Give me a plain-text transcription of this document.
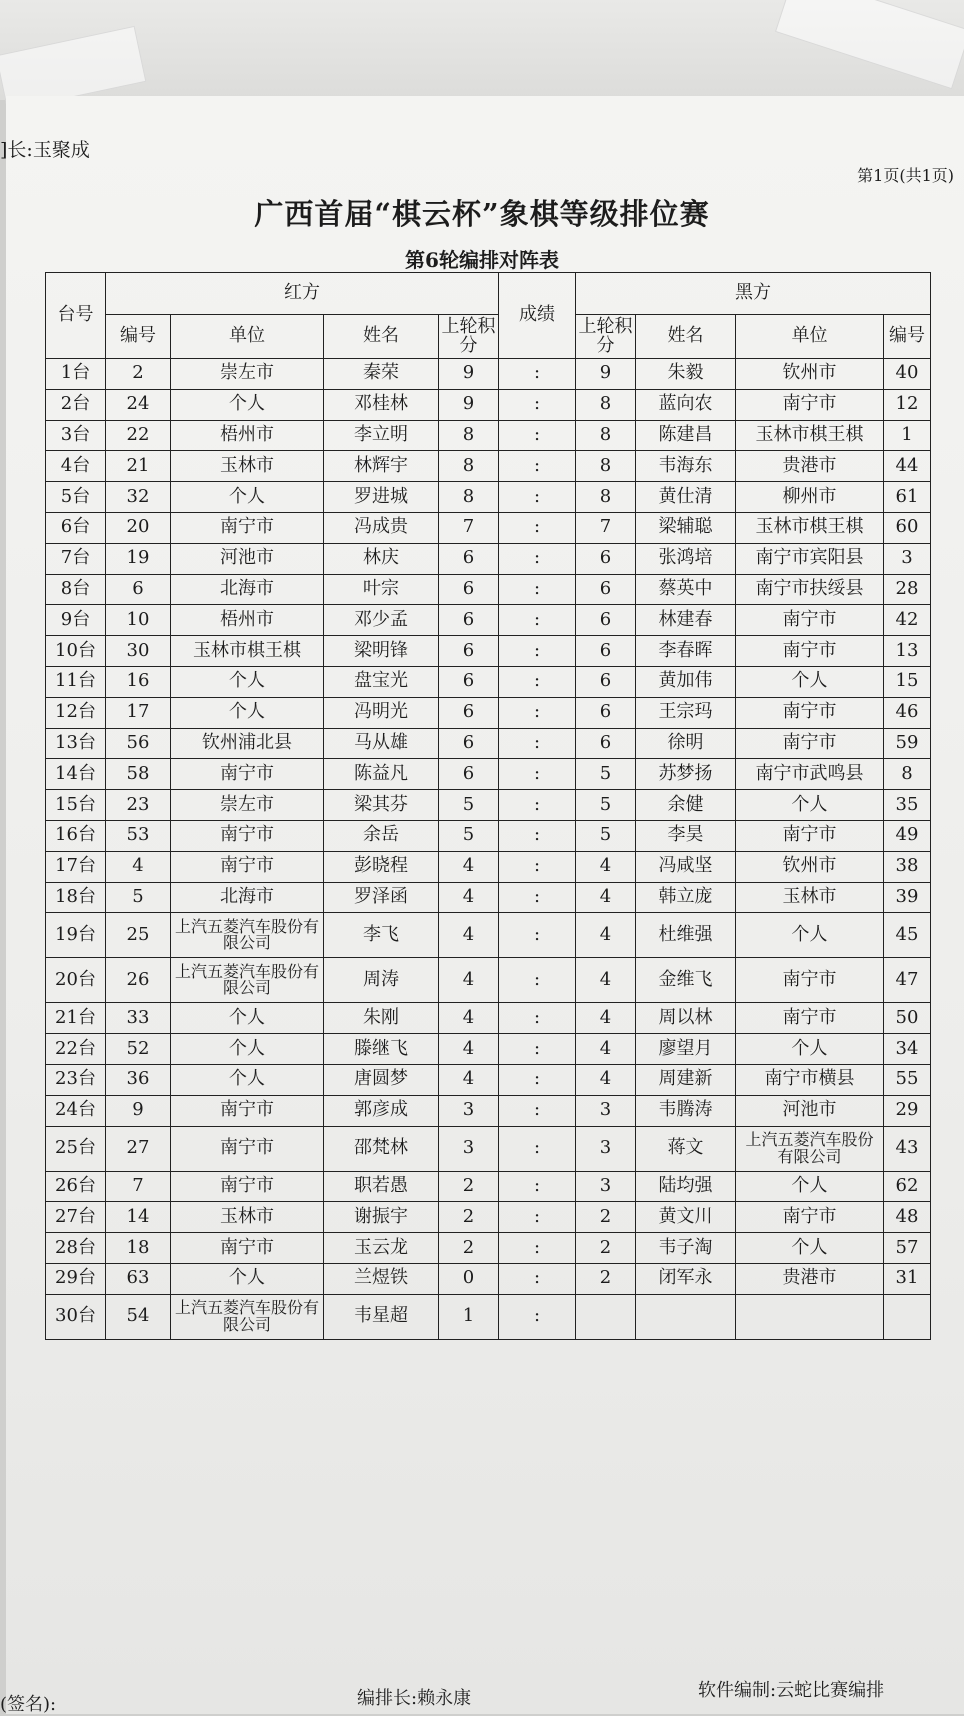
]长:玉聚成
第1页(共1页)
广西首届“棋云杯”象棋等级排位赛
第6轮编排对阵表
台号	红方				成绩	黑方			
	编号	单位	姓名	上轮积分		上轮积分	姓名	单位	编号
1台	2	崇左市	秦荣	9	:	9	朱毅	钦州市	40
2台	24	个人	邓桂林	9	:	8	蓝向农	南宁市	12
3台	22	梧州市	李立明	8	:	8	陈建昌	玉林市棋王棋	1
4台	21	玉林市	林辉宇	8	:	8	韦海东	贵港市	44
5台	32	个人	罗进城	8	:	8	黄仕清	柳州市	61
6台	20	南宁市	冯成贵	7	:	7	梁辅聪	玉林市棋王棋	60
7台	19	河池市	林庆	6	:	6	张鸿培	南宁市宾阳县	3
8台	6	北海市	叶宗	6	:	6	蔡英中	南宁市扶绥县	28
9台	10	梧州市	邓少孟	6	:	6	林建春	南宁市	42
10台	30	玉林市棋王棋	梁明锋	6	:	6	李春晖	南宁市	13
11台	16	个人	盘宝光	6	:	6	黄加伟	个人	15
12台	17	个人	冯明光	6	:	6	王宗玛	南宁市	46
13台	56	钦州浦北县	马从雄	6	:	6	徐明	南宁市	59
14台	58	南宁市	陈益凡	6	:	5	苏梦扬	南宁市武鸣县	8
15台	23	崇左市	梁其芬	5	:	5	余健	个人	35
16台	53	南宁市	余岳	5	:	5	李昊	南宁市	49
17台	4	南宁市	彭晓程	4	:	4	冯咸坚	钦州市	38
18台	5	北海市	罗泽函	4	:	4	韩立庞	玉林市	39
19台	25	上汽五菱汽车股份有限公司	李飞	4	:	4	杜维强	个人	45
20台	26	上汽五菱汽车股份有限公司	周涛	4	:	4	金维飞	南宁市	47
21台	33	个人	朱刚	4	:	4	周以林	南宁市	50
22台	52	个人	滕继飞	4	:	4	廖望月	个人	34
23台	36	个人	唐圆梦	4	:	4	周建新	南宁市横县	55
24台	9	南宁市	郭彦成	3	:	3	韦腾涛	河池市	29
25台	27	南宁市	邵梵林	3	:	3	蒋文	上汽五菱汽车股份有限公司	43
26台	7	南宁市	职若愚	2	:	3	陆均强	个人	62
27台	14	玉林市	谢振宇	2	:	2	黄文川	南宁市	48
28台	18	南宁市	玉云龙	2	:	2	韦子淘	个人	57
29台	63	个人	兰煜铁	0	:	2	闭军永	贵港市	31
30台	54	上汽五菱汽车股份有限公司	韦星超	1	:				
(签名):	编排长:赖永康	软件编制:云蛇比赛编排
